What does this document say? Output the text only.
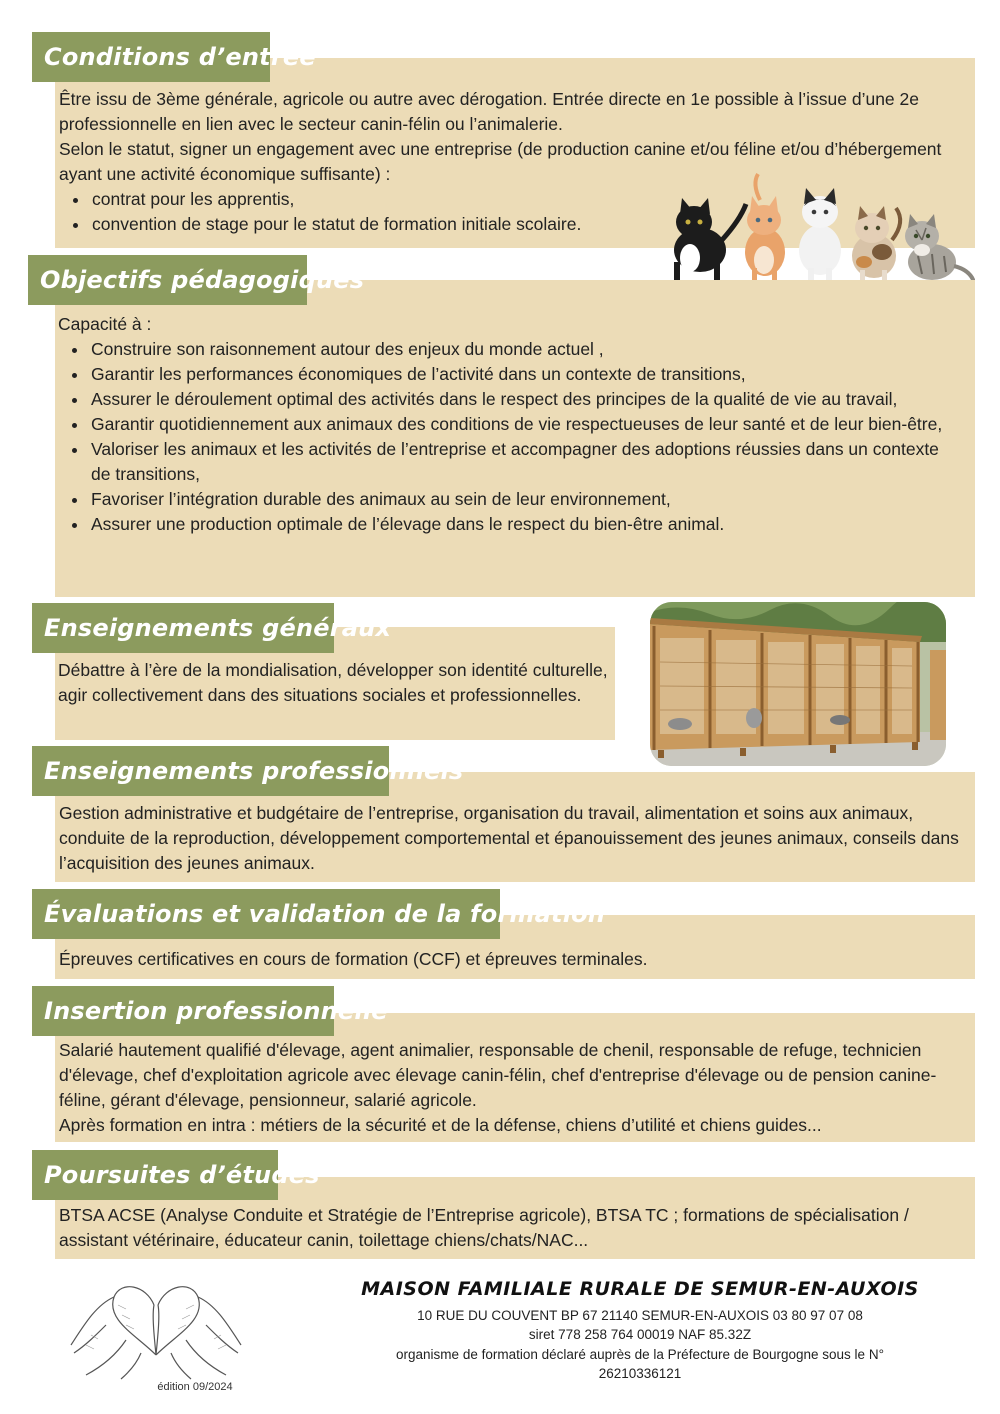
Conditions d’entrée

Être issu de 3ème générale, agricole ou autre avec dérogation. Entrée directe en 1e possible à l’issue d’une 2e professionnelle en lien avec le secteur canin-félin ou l’animalerie.

Selon le statut, signer un engagement avec une entreprise (de production canine et/ou féline et/ou d’hébergement ayant une activité économique suffisante) :

• contrat pour les apprentis,
• convention de stage pour le statut de formation initiale scolaire.
Objectifs pédagogiques

Capacité à :

• Construire son raisonnement autour des enjeux du monde actuel ,
• Garantir les performances économiques de l’activité dans un contexte de transitions,
• Assurer le déroulement optimal des activités dans le respect des principes de la qualité de vie au travail,
• Garantir quotidiennement aux animaux des conditions de vie respectueuses de leur santé et de leur bien-être,
• Valoriser les animaux et les activités de l’entreprise et accompagner des adoptions réussies dans un contexte de transitions,
• Favoriser l’intégration durable des animaux au sein de leur environnement,
• Assurer une production optimale de l’élevage dans le respect du bien-être animal.
Enseignements généraux
Débattre à l’ère de la mondialisation, développer son identité culturelle, agir collectivement dans des situations sociales et professionnelles.
Enseignements professionnels
Gestion administrative et budgétaire de l’entreprise, organisation du travail, alimentation et soins aux animaux, conduite de la reproduction, développement comportemental et épanouissement des jeunes animaux, conseils dans l’acquisition des jeunes animaux.
Évaluations et validation de la formation
Épreuves certificatives en cours de formation (CCF) et épreuves terminales.
Insertion professionnelle

Salarié hautement qualifié d'élevage, agent animalier, responsable de chenil, responsable de refuge, technicien d'élevage, chef d'exploitation agricole avec élevage canin-félin, chef d'entreprise d'élevage ou de pension canine-féline, gérant d'élevage, pensionneur, salarié agricole.

Après formation en intra : métiers de la sécurité et de la défense, chiens d’utilité et chiens guides...

Poursuites d’études
BTSA ACSE (Analyse Conduite et Stratégie de l’Entreprise agricole), BTSA TC ; formations de spécialisation / assistant vétérinaire, éducateur canin, toilettage chiens/chats/NAC...
édition 09/2024
MAISON FAMILIALE RURALE DE SEMUR-EN-AUXOIS
10 RUE DU COUVENT BP 67 21140 SEMUR-EN-AUXOIS 03 80 97 07 08
siret 778 258 764 00019 NAF 85.32Z
organisme de formation déclaré auprès de la Préfecture de Bourgogne sous le N°
26210336121
